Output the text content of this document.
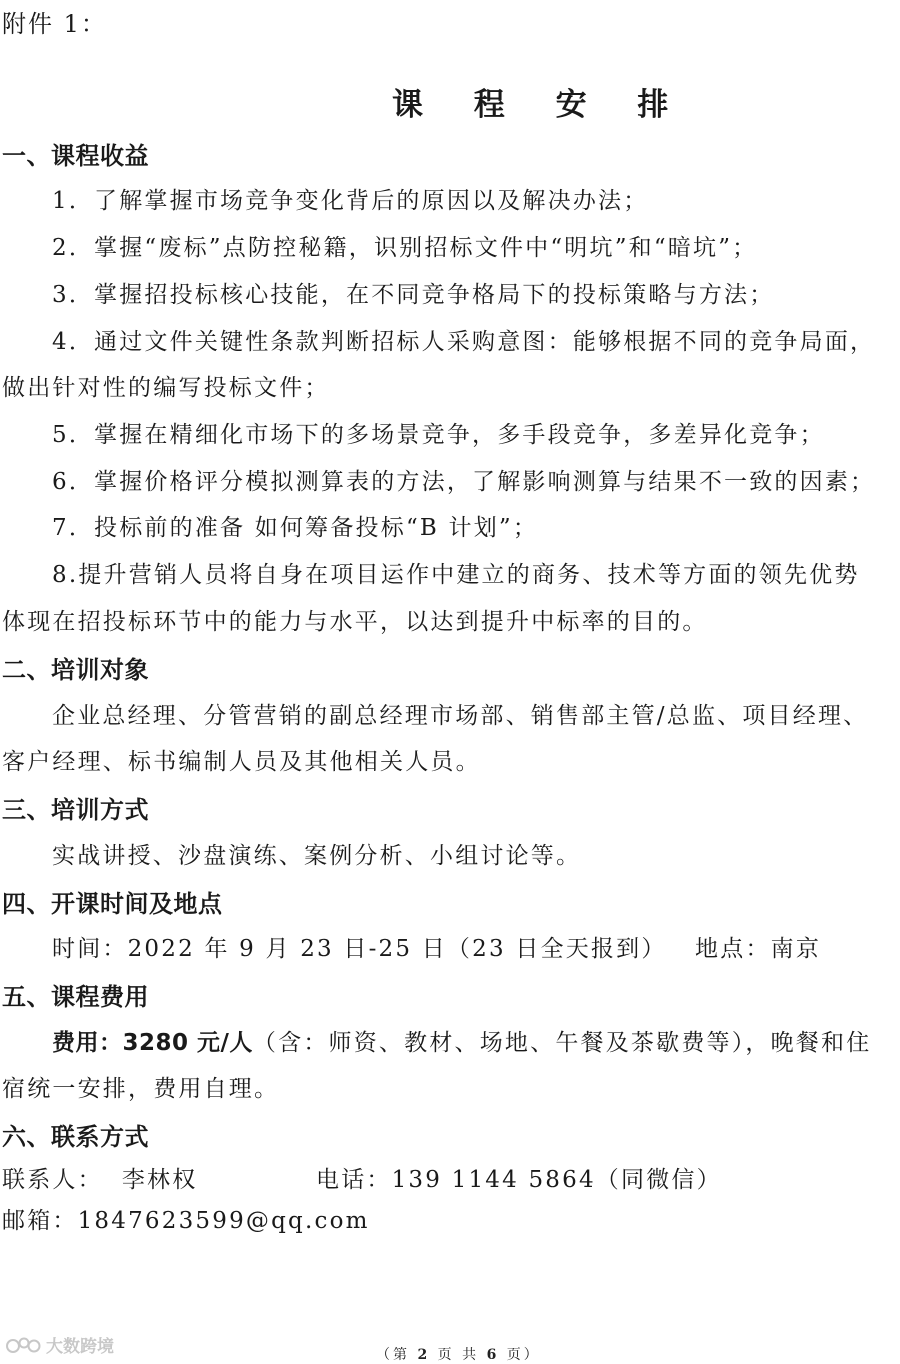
附件 1：

课 程 安 排
一、课程收益

1．了解掌握市场竞争变化背后的原因以及解决办法；

2．掌握“废标”点防控秘籍，识别招标文件中“明坑”和“暗坑”；

3．掌握招投标核心技能，在不同竞争格局下的投标策略与方法；

4．通过文件关键性条款判断招标人采购意图：能够根据不同的竞争局面，

做出针对性的编写投标文件；

5．掌握在精细化市场下的多场景竞争，多手段竞争，多差异化竞争；

6．掌握价格评分模拟测算表的方法，了解影响测算与结果不一致的因素；

7．投标前的准备 如何筹备投标“B 计划”；

8.提升营销人员将自身在项目运作中建立的商务、技术等方面的领先优势

体现在招投标环节中的能力与水平，以达到提升中标率的目的。

二、培训对象

企业总经理、分管营销的副总经理市场部、销售部主管/总监、项目经理、

客户经理、标书编制人员及其他相关人员。

三、培训方式

实战讲授、沙盘演练、案例分析、小组讨论等。

四、开课时间及地点

时间：2022 年 9 月 23 日-25 日（23 日全天报到）   地点：南京

五、课程费用

费用：3280 元/人（含：师资、教材、场地、午餐及茶歇费等），晚餐和住

宿统一安排，费用自理。

六、联系方式

联系人：  李林权	电话：139 1144 5864（同微信）

邮箱：1847623599@qq.com

大数跨境	（第 2 页 共 6 页）
